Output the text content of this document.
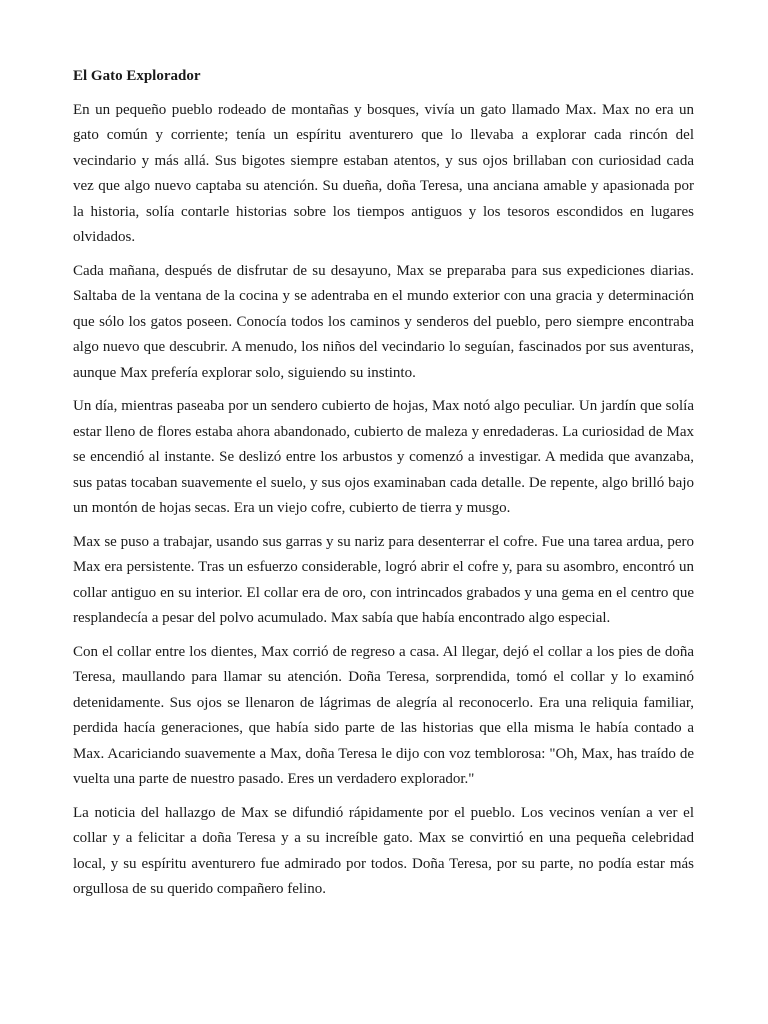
El Gato Explorador

En un pequeño pueblo rodeado de montañas y bosques, vivía un gato llamado Max. Max no era un gato común y corriente; tenía un espíritu aventurero que lo llevaba a explorar cada rincón del vecindario y más allá. Sus bigotes siempre estaban atentos, y sus ojos brillaban con curiosidad cada vez que algo nuevo captaba su atención. Su dueña, doña Teresa, una anciana amable y apasionada por la historia, solía contarle historias sobre los tiempos antiguos y los tesoros escondidos en lugares olvidados.

Cada mañana, después de disfrutar de su desayuno, Max se preparaba para sus expediciones diarias. Saltaba de la ventana de la cocina y se adentraba en el mundo exterior con una gracia y determinación que sólo los gatos poseen. Conocía todos los caminos y senderos del pueblo, pero siempre encontraba algo nuevo que descubrir. A menudo, los niños del vecindario lo seguían, fascinados por sus aventuras, aunque Max prefería explorar solo, siguiendo su instinto.

Un día, mientras paseaba por un sendero cubierto de hojas, Max notó algo peculiar. Un jardín que solía estar lleno de flores estaba ahora abandonado, cubierto de maleza y enredaderas. La curiosidad de Max se encendió al instante. Se deslizó entre los arbustos y comenzó a investigar. A medida que avanzaba, sus patas tocaban suavemente el suelo, y sus ojos examinaban cada detalle. De repente, algo brilló bajo un montón de hojas secas. Era un viejo cofre, cubierto de tierra y musgo.

Max se puso a trabajar, usando sus garras y su nariz para desenterrar el cofre. Fue una tarea ardua, pero Max era persistente. Tras un esfuerzo considerable, logró abrir el cofre y, para su asombro, encontró un collar antiguo en su interior. El collar era de oro, con intrincados grabados y una gema en el centro que resplandecía a pesar del polvo acumulado. Max sabía que había encontrado algo especial.

Con el collar entre los dientes, Max corrió de regreso a casa. Al llegar, dejó el collar a los pies de doña Teresa, maullando para llamar su atención. Doña Teresa, sorprendida, tomó el collar y lo examinó detenidamente. Sus ojos se llenaron de lágrimas de alegría al reconocerlo. Era una reliquia familiar, perdida hacía generaciones, que había sido parte de las historias que ella misma le había contado a Max. Acariciando suavemente a Max, doña Teresa le dijo con voz temblorosa: "Oh, Max, has traído de vuelta una parte de nuestro pasado. Eres un verdadero explorador."

La noticia del hallazgo de Max se difundió rápidamente por el pueblo. Los vecinos venían a ver el collar y a felicitar a doña Teresa y a su increíble gato. Max se convirtió en una pequeña celebridad local, y su espíritu aventurero fue admirado por todos. Doña Teresa, por su parte, no podía estar más orgullosa de su querido compañero felino.
